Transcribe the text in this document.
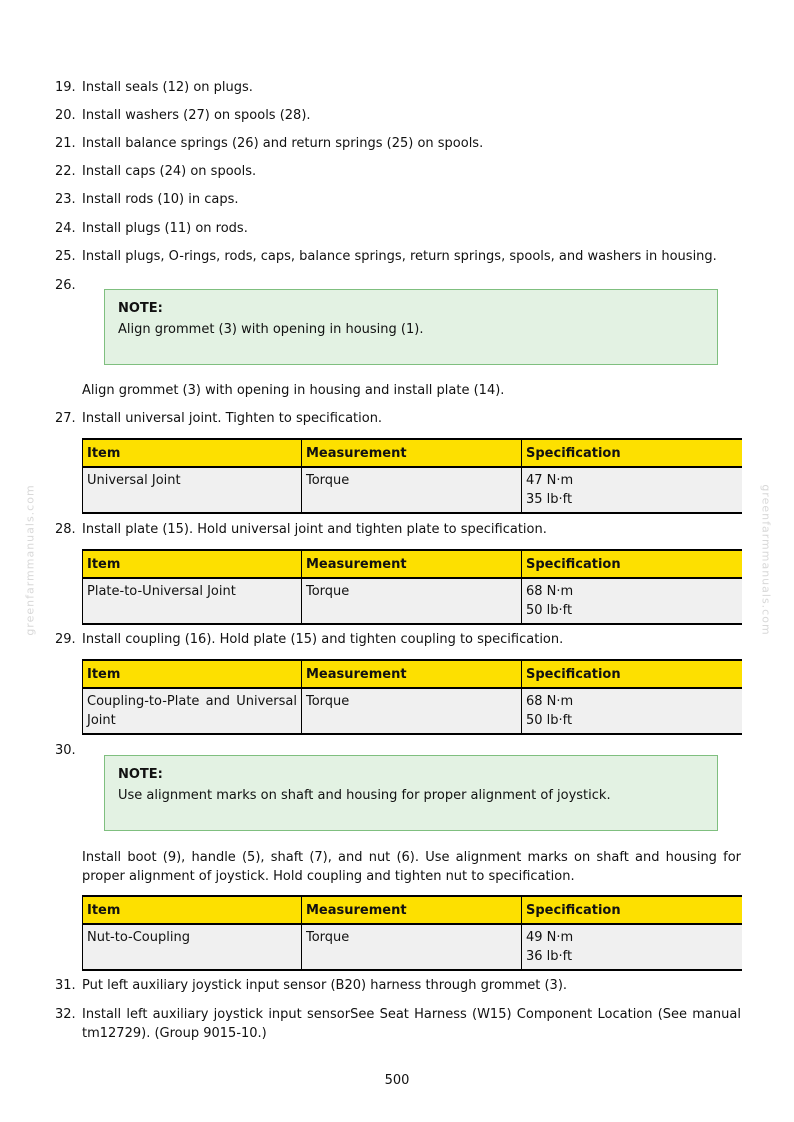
greenfarmmanuals.com	greenfarmmanuals.com
19. Install seals (12) on plugs.
20. Install washers (27) on spools (28).
21. Install balance springs (26) and return springs (25) on spools.
22. Install caps (24) on spools.
23. Install rods (10) in caps.
24. Install plugs (11) on rods.
25. Install plugs, O-rings, rods, caps, balance springs, return springs, spools, and washers in housing.
26.
NOTE:
Align grommet (3) with opening in housing (1).
Align grommet (3) with opening in housing and install plate (14).
27. Install universal joint. Tighten to specification.
Item	Measurement	Specification
Universal Joint	Torque	47 N·m
35 lb·ft
28. Install plate (15). Hold universal joint and tighten plate to specification.
Item	Measurement	Specification
Plate-to-Universal Joint	Torque	68 N·m
50 lb·ft
29. Install coupling (16). Hold plate (15) and tighten coupling to specification.
Item	Measurement	Specification
Coupling-to-Plate and Universal Joint	Torque	68 N·m
50 lb·ft
30.
NOTE:
Use alignment marks on shaft and housing for proper alignment of joystick.
Install boot (9), handle (5), shaft (7), and nut (6). Use alignment marks on shaft and housing for proper alignment of joystick. Hold coupling and tighten nut to specification.
Item	Measurement	Specification
Nut-to-Coupling	Torque	49 N·m
36 lb·ft
31. Put left auxiliary joystick input sensor (B20) harness through grommet (3).
32. Install left auxiliary joystick input sensorSee Seat Harness (W15) Component Location (See manual tm12729). (Group 9015-10.)
500
